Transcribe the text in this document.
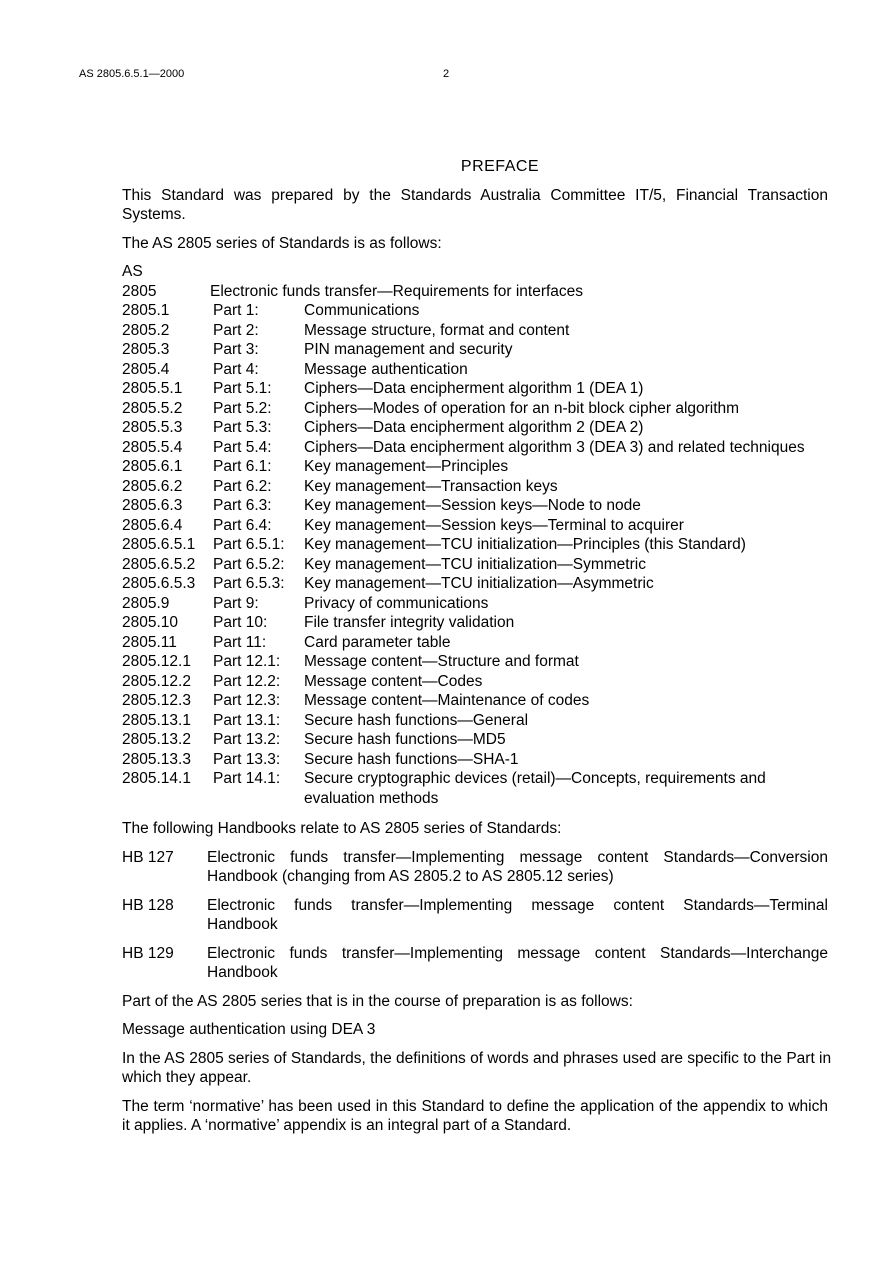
AS 2805.6.5.1—2000	2
PREFACE

This Standard was prepared by the Standards Australia Committee IT/5, Financial Transaction Systems.

The AS 2805 series of Standards is as follows:

AS
2805	Electronic funds transfer—Requirements for interfaces
2805.1	Part 1:	Communications
2805.2	Part 2:	Message structure, format and content
2805.3	Part 3:	PIN management and security
2805.4	Part 4:	Message authentication
2805.5.1	Part 5.1:	Ciphers—Data encipherment algorithm 1 (DEA 1)
2805.5.2	Part 5.2:	Ciphers—Modes of operation for an n-bit block cipher algorithm
2805.5.3	Part 5.3:	Ciphers—Data encipherment algorithm 2 (DEA 2)
2805.5.4	Part 5.4:	Ciphers—Data encipherment algorithm 3 (DEA 3) and related techniques
2805.6.1	Part 6.1:	Key management—Principles
2805.6.2	Part 6.2:	Key management—Transaction keys
2805.6.3	Part 6.3:	Key management—Session keys—Node to node
2805.6.4	Part 6.4:	Key management—Session keys—Terminal to acquirer
2805.6.5.1	Part 6.5.1:	Key management—TCU initialization—Principles (this Standard)
2805.6.5.2	Part 6.5.2:	Key management—TCU initialization—Symmetric
2805.6.5.3	Part 6.5.3:	Key management—TCU initialization—Asymmetric
2805.9	Part 9:	Privacy of communications
2805.10	Part 10:	File transfer integrity validation
2805.11	Part 11:	Card parameter table
2805.12.1	Part 12.1:	Message content—Structure and format
2805.12.2	Part 12.2:	Message content—Codes
2805.12.3	Part 12.3:	Message content—Maintenance of codes
2805.13.1	Part 13.1:	Secure hash functions—General
2805.13.2	Part 13.2:	Secure hash functions—MD5
2805.13.3	Part 13.3:	Secure hash functions—SHA-1
2805.14.1	Part 14.1:	Secure cryptographic devices (retail)—Concepts, requirements and evaluation methods

The following Handbooks relate to AS 2805 series of Standards:

HB 127	Electronic funds transfer—Implementing message content Standards—Conversion Handbook (changing from AS 2805.2 to AS 2805.12 series)
HB 128	Electronic funds transfer—Implementing message content Standards—Terminal Handbook
HB 129	Electronic funds transfer—Implementing message content Standards—Interchange Handbook

Part of the AS 2805 series that is in the course of preparation is as follows:

Message authentication using DEA 3

In the AS 2805 series of Standards, the definitions of words and phrases used are specific to the Part in which they appear.

The term ‘normative’ has been used in this Standard to define the application of the appendix to which it applies. A ‘normative’ appendix is an integral part of a Standard.
